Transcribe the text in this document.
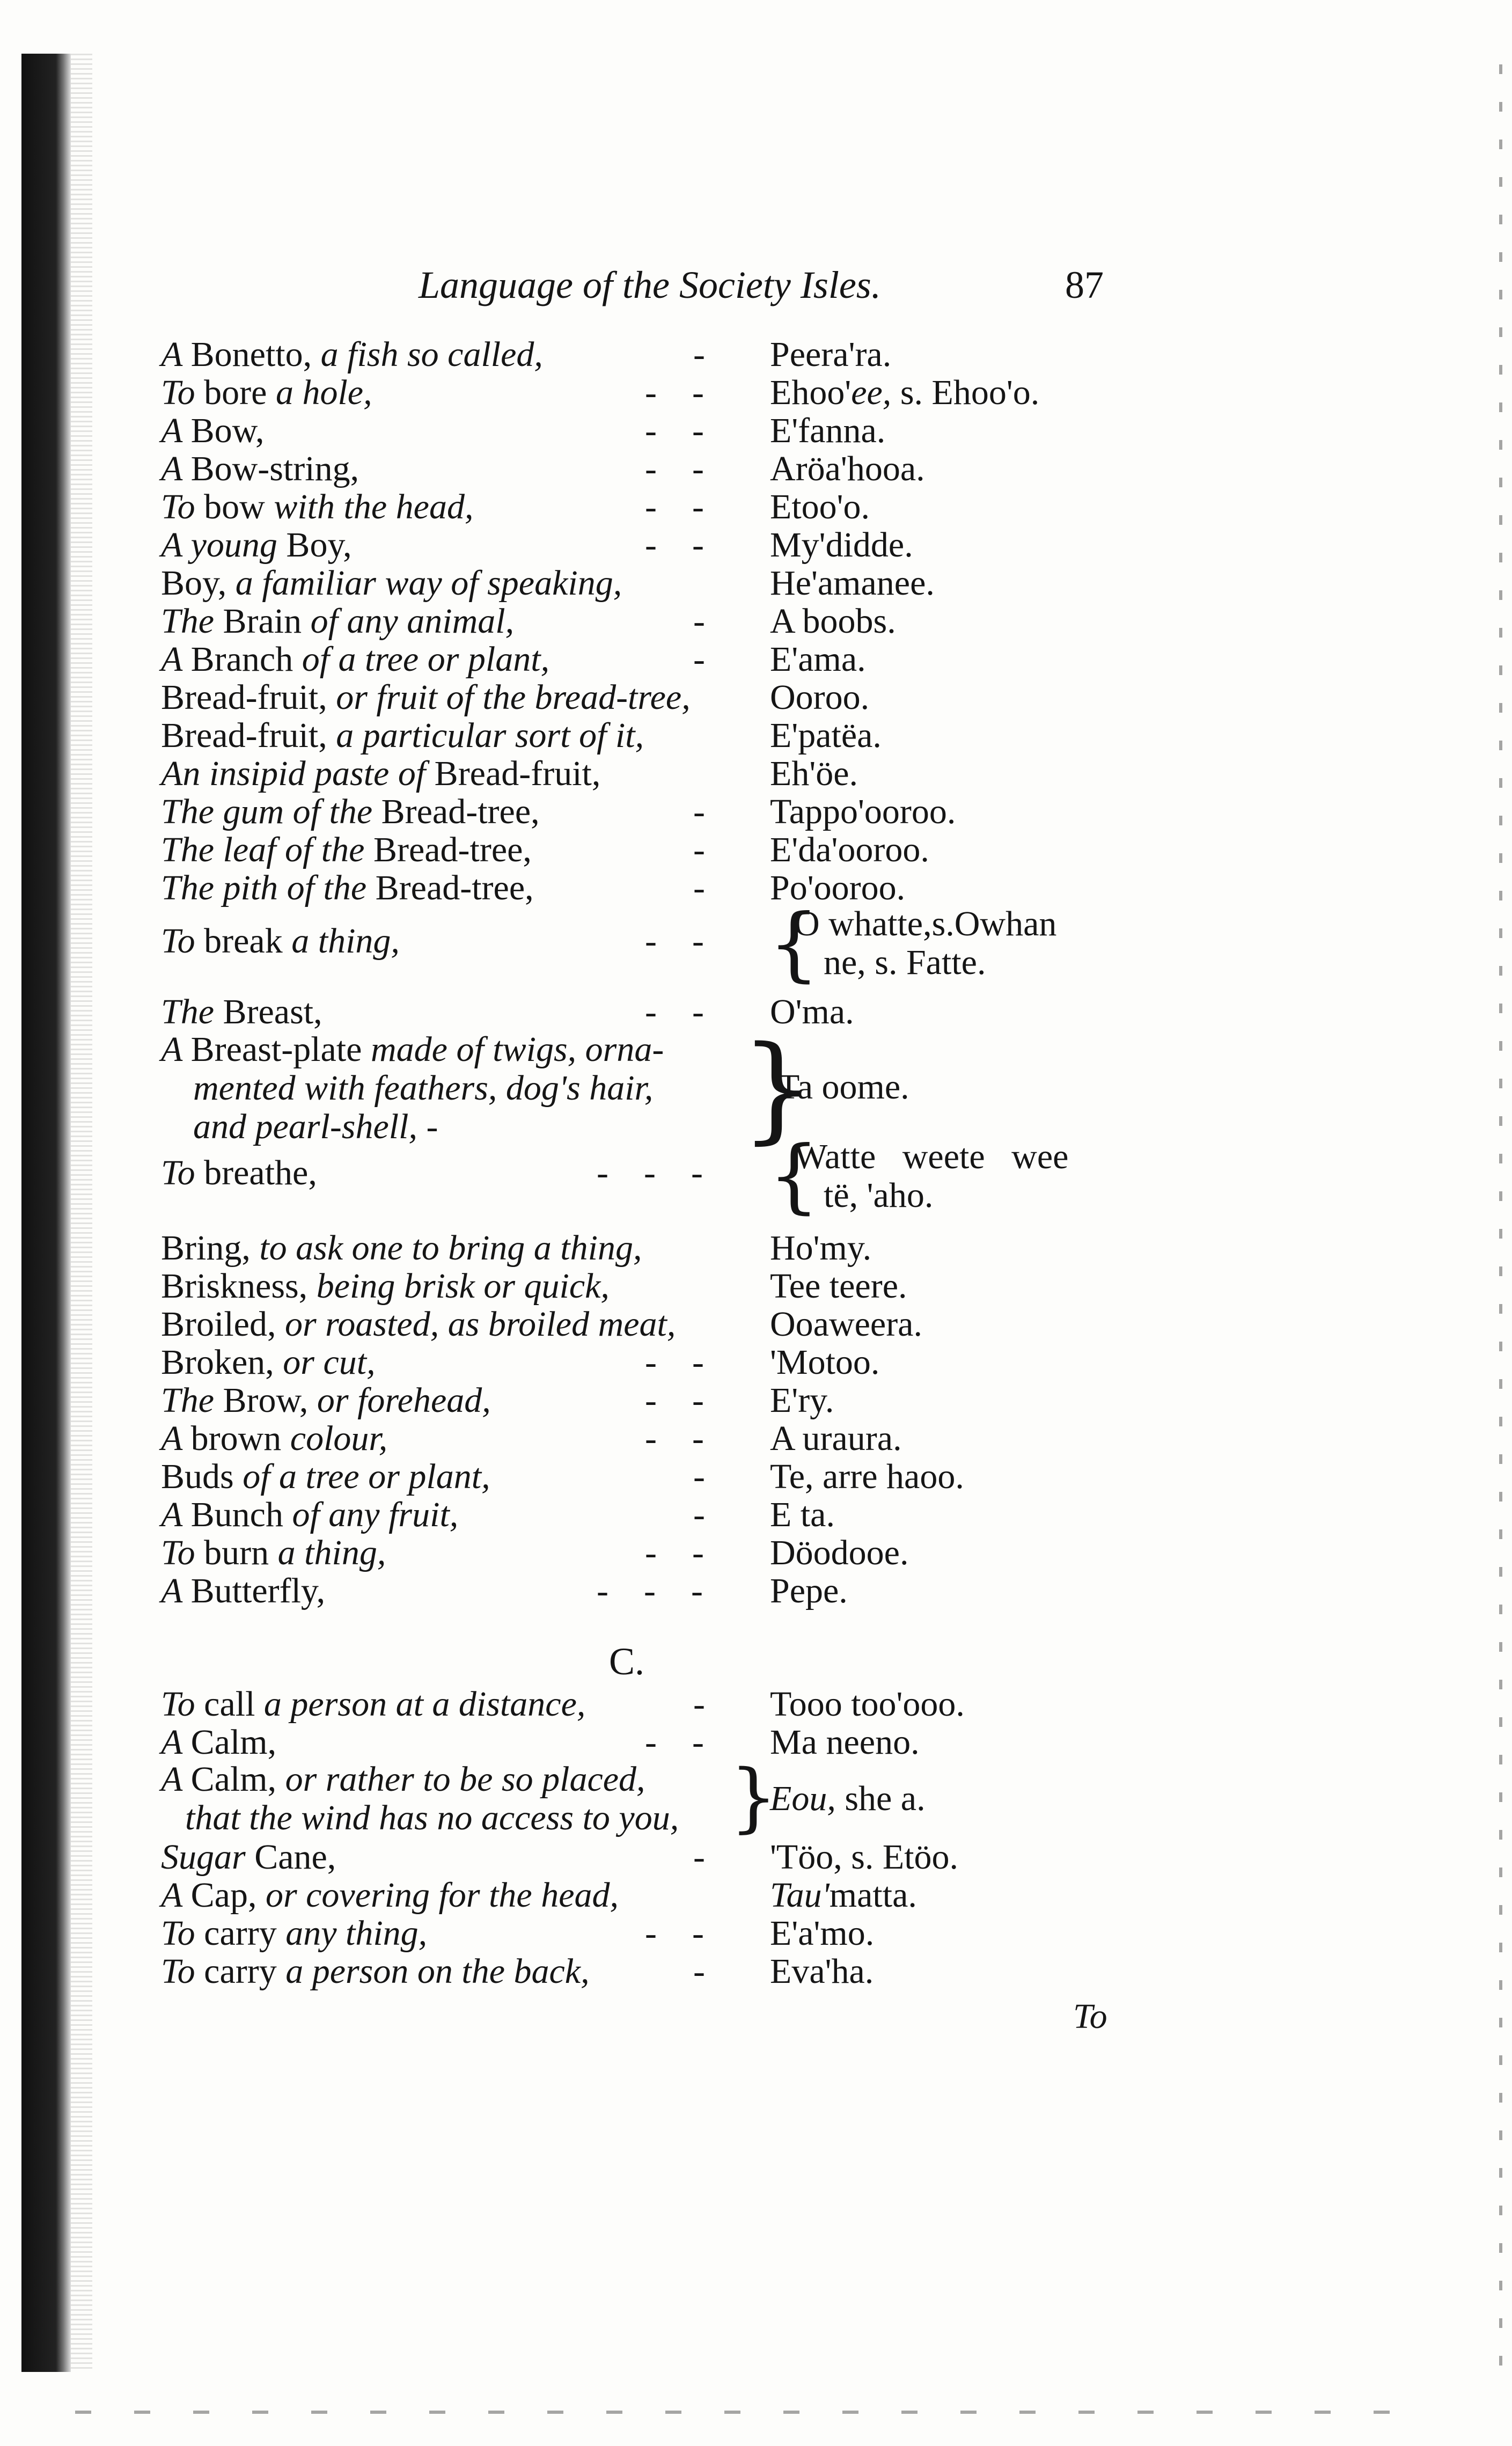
Language of the Society Isles.	87
A Bonetto, a fish so called,	- Peera'ra.
To bore a hole,	-    - Ehoo'ee, s. Ehoo'o.
A Bow,	-    - E'fanna.
A Bow-string,	-    - Aröa'hooa.
To bow with the head,	-    - Etoo'o.
A young Boy,	-    - My'didde.
Boy, a familiar way of speaking,	He'amanee.
The Brain of any animal,	- A boobs.
A Branch of a tree or plant,	- E'ama.
Bread-fruit, or fruit of the bread-tree, Ooroo.
Bread-fruit, a particular sort of it,	E'patëa.
An insipid paste of Bread-fruit,	Eh'öe.
The gum of the Bread-tree,	- Tappo'ooroo.
The leaf of the Bread-tree,	- E'da'ooroo.
The pith of the Bread-tree,	- Po'ooroo.
To break a thing,	-    -	O whatte,s.Owhan
ne, s. Fatte.
{
The Breast,	-    - O'ma.
A Breast-plate made of twigs, orna-
mented with feathers, dog's hair,
and pearl-shell, -	}
Ta oome.
To breathe,	-    -    -	Watte   weete   wee
të, 'aho.
{
Bring, to ask one to bring a thing,	Ho'my.
Briskness, being brisk or quick,	Tee teere.
Broiled, or roasted, as broiled meat,	Ooaweera.
Broken, or cut,	-    - 'Motoo.
The Brow, or forehead,	-    - E'ry.
A brown colour,	-    - A uraura.
Buds of a tree or plant,	- Te, arre haoo.
A Bunch of any fruit,	- E ta.
To burn a thing,	-    - Döodooe.
A Butterfly,	-    -    - Pepe.
To call a person at a distance,	- Tooo too'ooo.
A Calm,	-    - Ma neeno.
A Calm, or rather to be so placed,
that the wind has no access to you, }
Eou, she a.
Sugar Cane,	- 'Töo, s. Etöo.
A Cap, or covering for the head,	Tau'matta.
To carry any thing,	-    - E'a'mo.
To carry a person on the back,	- Eva'ha.
C.
To
